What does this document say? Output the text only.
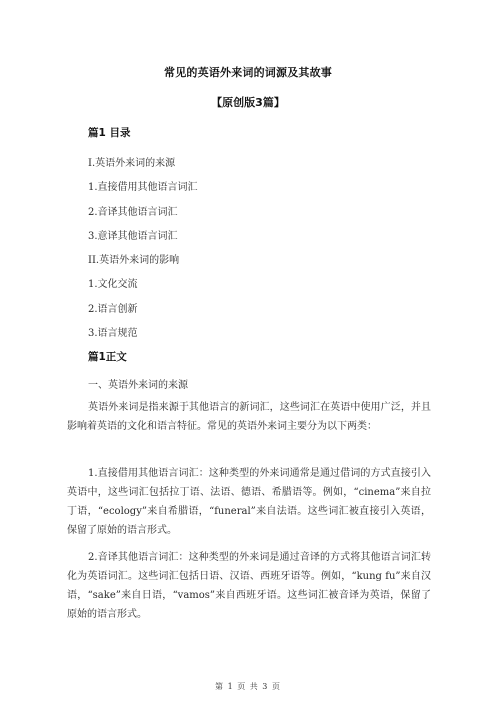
常见的英语外来词的词源及其故事
【原创版3篇】
篇1 目录
I.英语外来词的来源
1.直接借用其他语言词汇
2.音译其他语言词汇
3.意译其他语言词汇
II.英语外来词的影响
1.文化交流
2.语言创新
3.语言规范
篇1正文
一、英语外来词的来源
英语外来词是指来源于其他语言的新词汇，这些词汇在英语中使用广泛，并且影响着英语的文化和语言特征。常见的英语外来词主要分为以下两类：
1.直接借用其他语言词汇：这种类型的外来词通常是通过借词的方式直接引入英语中，这些词汇包括拉丁语、法语、德语、希腊语等。例如，“cinema”来自拉丁语，“ecology”来自希腊语，“funeral”来自法语。这些词汇被直接引入英语，保留了原始的语言形式。
2.音译其他语言词汇：这种类型的外来词是通过音译的方式将其他语言词汇转化为英语词汇。这些词汇包括日语、汉语、西班牙语等。例如，“kung fu”来自汉语，“sake”来自日语，“vamos”来自西班牙语。这些词汇被音译为英语，保留了原始的语言形式。
第 1 页 共 3 页
